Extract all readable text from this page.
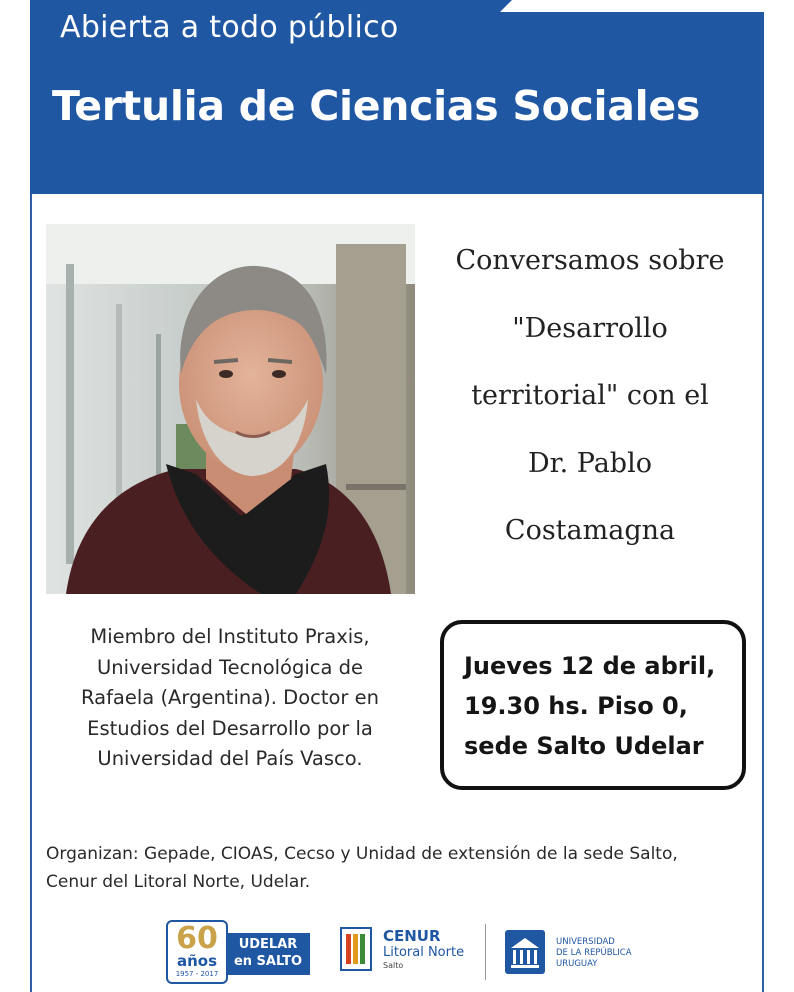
Abierta a todo público
Tertulia de Ciencias Sociales
Conversamos sobre
"Desarrollo
territorial" con el
Dr. Pablo
Costamagna
Miembro del Instituto Praxis,
Universidad Tecnológica de
Rafaela (Argentina). Doctor en
Estudios del Desarrollo por la
Universidad del País Vasco.
Jueves 12 de abril,
19.30 hs. Piso 0,
sede Salto Udelar
Organizan: Gepade, CIOAS, Cecso y Unidad de extensión de la sede Salto,
Cenur del Litoral Norte, Udelar.
60
años
1957 - 2017
UDELAR
en SALTO
CENUR
Litoral Norte
Salto
UNIVERSIDAD
DE LA REPÚBLICA
URUGUAY
